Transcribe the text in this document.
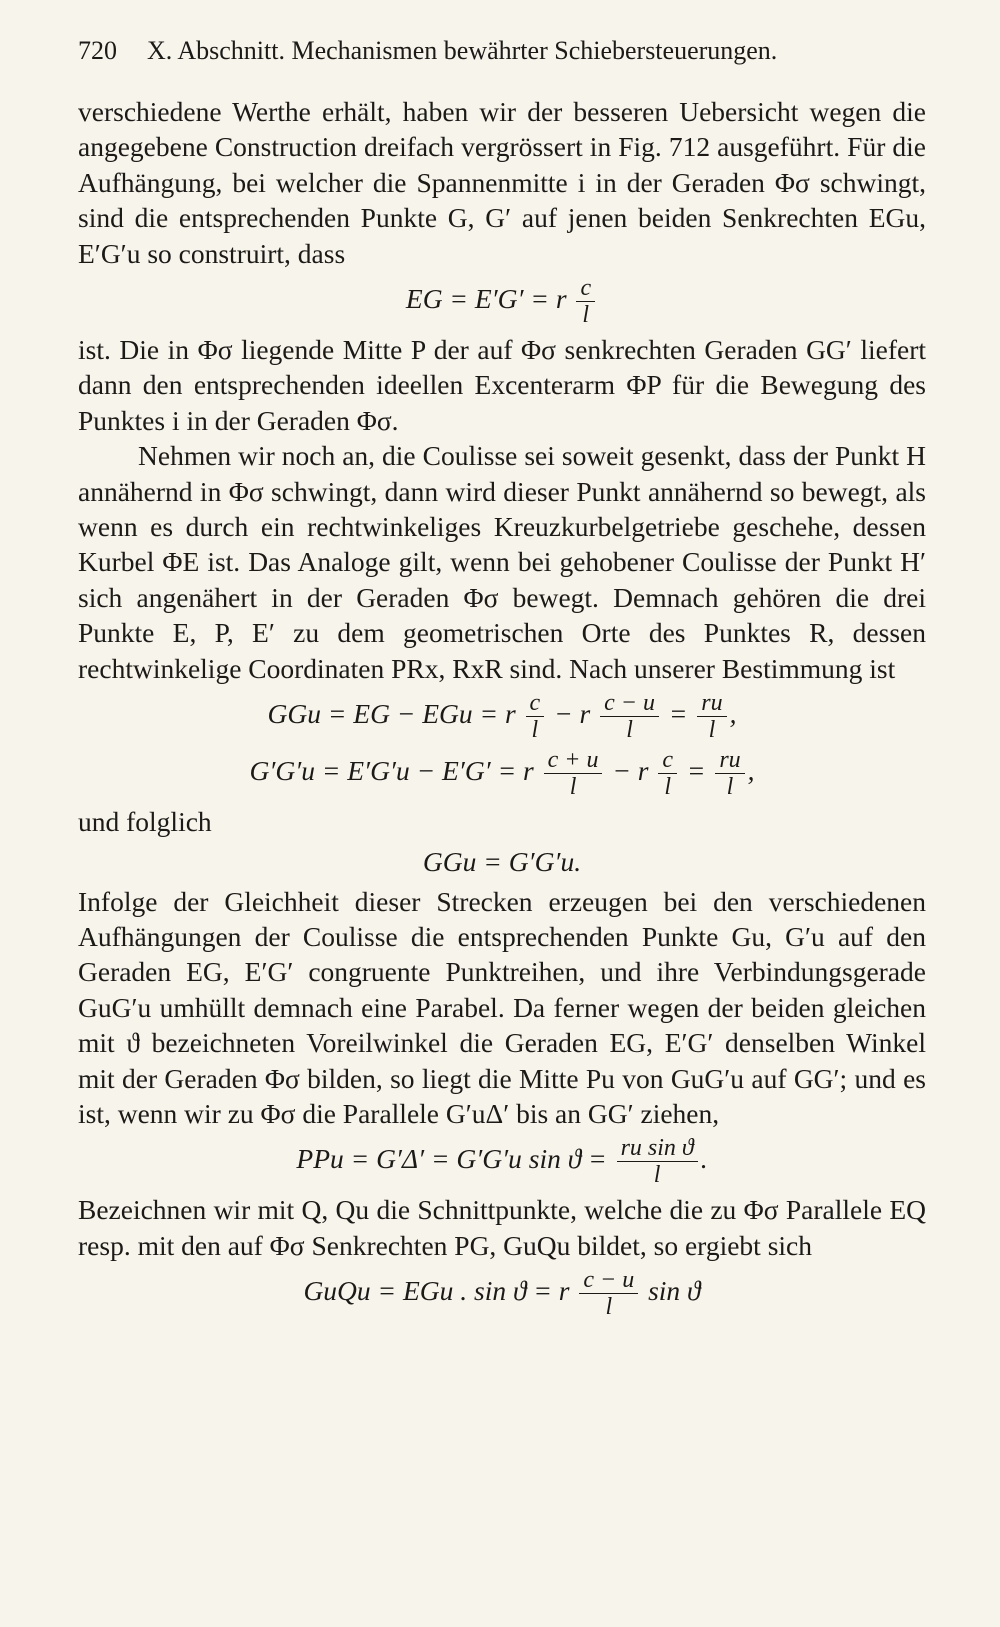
720 X. Abschnitt. Mechanismen bewährter Schiebersteuerungen.

verschiedene Werthe erhält, haben wir der besseren Uebersicht wegen die angegebene Construction dreifach vergrössert in Fig. 712 ausgeführt. Für die Aufhängung, bei welcher die Spannenmitte i in der Geraden Φσ schwingt, sind die entsprechenden Punkte G, G′ auf jenen beiden Senkrechten EGu, E′G′u so construirt, dass

EG = E′G′ = r $\frac{c}{l}$

ist. Die in Φσ liegende Mitte P der auf Φσ senkrechten Geraden GG′ liefert dann den entsprechenden ideellen Excenterarm ΦP für die Bewegung des Punktes i in der Geraden Φσ.

Nehmen wir noch an, die Coulisse sei soweit gesenkt, dass der Punkt H annähernd in Φσ schwingt, dann wird dieser Punkt annähernd so bewegt, als wenn es durch ein rechtwinkeliges Kreuzkurbelgetriebe geschehe, dessen Kurbel ΦE ist. Das Analoge gilt, wenn bei gehobener Coulisse der Punkt H′ sich angenähert in der Geraden Φσ bewegt. Demnach gehören die drei Punkte E, P, E′ zu dem geometrischen Orte des Punktes R, dessen rechtwinkelige Coordinaten PRx, RxR sind. Nach unserer Bestimmung ist

GGu = EG − EGu = r $\frac{c}{l} - r \frac{c - u}{l} = \frac{ru}{l}$ ,
G′G′u = E′G′u − E′G′ = r $\frac{c + u}{l} - r \frac{c}{l} = \frac{ru}{l}$ ,
und folglich
GGu = G′G′u.

Infolge der Gleichheit dieser Strecken erzeugen bei den verschiedenen Aufhängungen der Coulisse die entsprechenden Punkte Gu, G′u auf den Geraden EG, E′G′ congruente Punktreihen, und ihre Verbindungsgerade GuG′u umhüllt demnach eine Parabel. Da ferner wegen der beiden gleichen mit ϑ bezeichneten Voreilwinkel die Geraden EG, E′G′ denselben Winkel mit der Geraden Φσ bilden, so liegt die Mitte Pu von GuG′u auf GG′; und es ist, wenn wir zu Φσ die Parallele G′uΔ′ bis an GG′ ziehen,

PPu = G′Δ′ = G′G′u $\sin ϑ = \frac{\text{ru sin ϑ}}{l}$ .

Bezeichnen wir mit Q, Qu die Schnittpunkte, welche die zu Φσ Parallele EQ resp. mit den auf Φσ Senkrechten PG, GuQu bildet, so ergiebt sich

GuQu = EGu . sin ϑ = r $\frac{c - u}{l}$ sin ϑ
